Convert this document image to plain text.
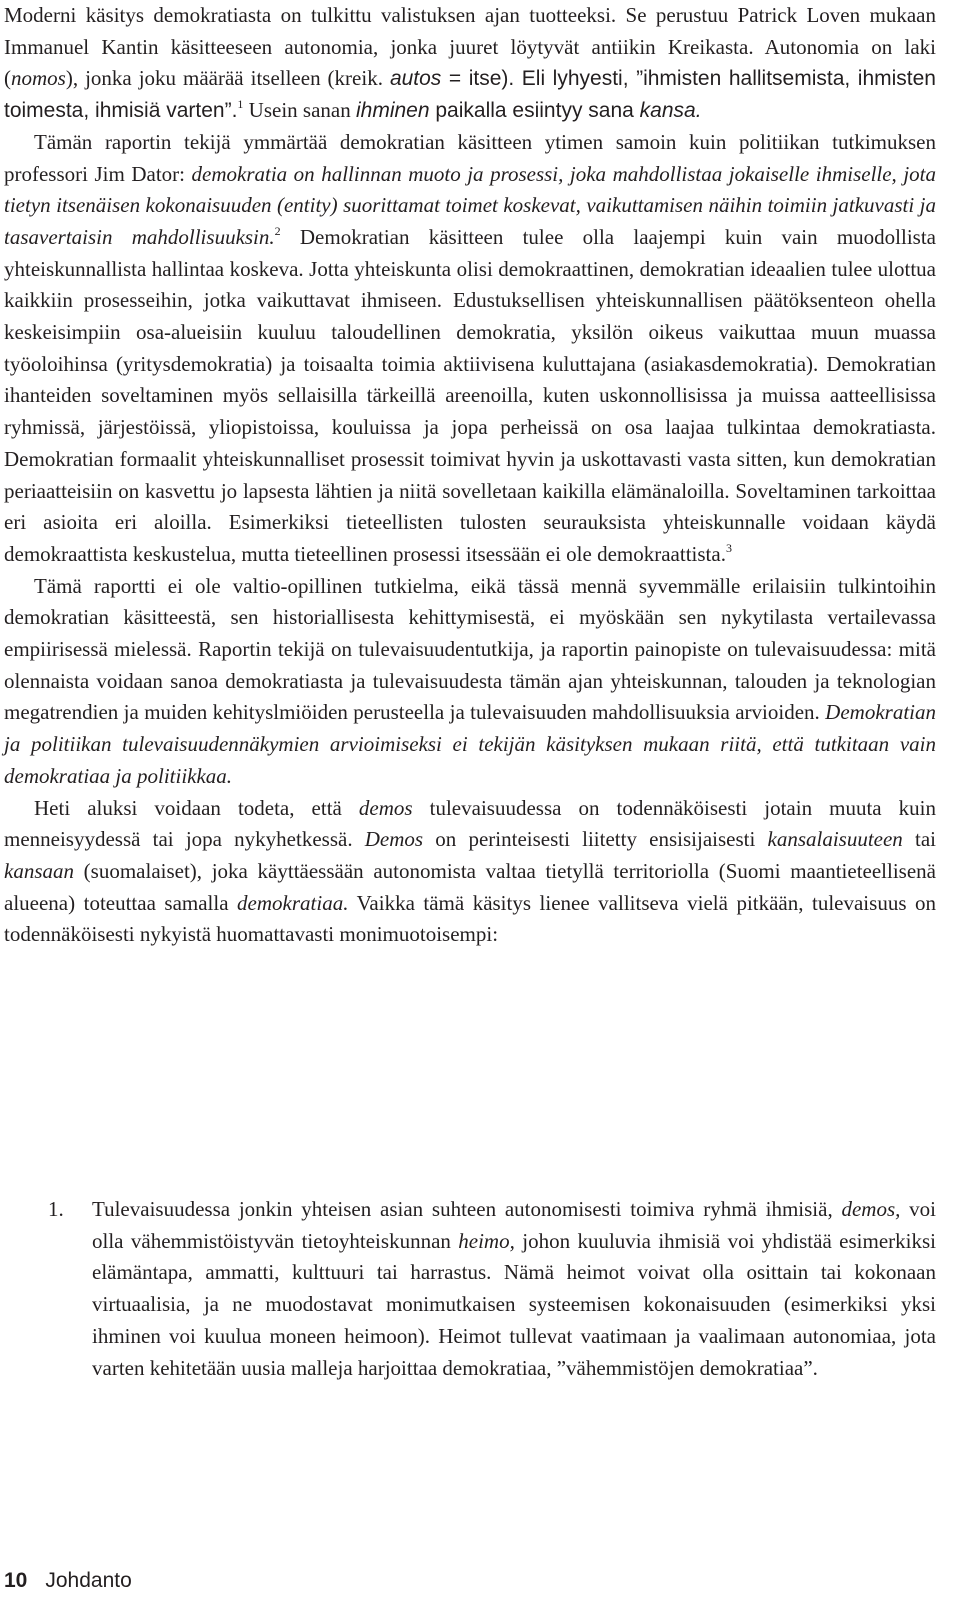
Moderni käsitys demokratiasta on tulkittu valistuksen ajan tuotteeksi. Se perustuu Patrick Loven mukaan Immanuel Kantin käsitteeseen autonomia, jonka juuret löytyvät antiikin Kreikasta. Autonomia on laki (nomos), jonka joku määrää itselleen (kreik. autos = itse). Eli lyhyesti, ”ihmisten hallitsemista, ihmisten toimesta, ihmisiä varten”.$^1$ Usein sanan ihminen paikalla esiintyy sana kansa.

Tämän raportin tekijä ymmärtää demokratian käsitteen ytimen samoin kuin politiikan tutkimuksen professori Jim Dator: demokratia on hallinnan muoto ja prosessi, joka mahdollistaa jokaiselle ihmiselle, jota tietyn itsenäisen kokonaisuuden (entity) suorittamat toimet koskevat, vaikuttamisen näihin toimiin jatkuvasti ja tasavertaisin mahdollisuuksin.$^2$ Demokratian käsitteen tulee olla laajempi kuin vain muodollista yhteiskunnallista hallintaa koskeva. Jotta yhteiskunta olisi demokraattinen, demokratian ideaalien tulee ulottua kaikkiin prosesseihin, jotka vaikuttavat ihmiseen. Edustuksellisen yhteiskunnallisen päätöksenteon ohella keskeisimpiin osa-alueisiin kuuluu taloudellinen demokratia, yksilön oikeus vaikuttaa muun muassa työoloihinsa (yritysdemokratia) ja toisaalta toimia aktiivisena kuluttajana (asiakasdemokratia). Demokratian ihanteiden soveltaminen myös sellaisilla tärkeillä areenoilla, kuten uskonnollisissa ja muissa aatteellisissa ryhmissä, järjestöissä, yliopistoissa, kouluissa ja jopa perheissä on osa laajaa tulkintaa demokratiasta. Demokratian formaalit yhteiskunnalliset prosessit toimivat hyvin ja uskottavasti vasta sitten, kun demokratian periaatteisiin on kasvettu jo lapsesta lähtien ja niitä sovelletaan kaikilla elämänaloilla. Soveltaminen tarkoittaa eri asioita eri aloilla. Esimerkiksi tieteellisten tulosten seurauksista yhteiskunnalle voidaan käydä demokraattista keskustelua, mutta tieteellinen prosessi itsessään ei ole demokraattista.$^3$

Tämä raportti ei ole valtio-opillinen tutkielma, eikä tässä mennä syvemmälle erilaisiin tulkintoihin demokratian käsitteestä, sen historiallisesta kehittymisestä, ei myöskään sen nykytilasta vertailevassa empiirisessä mielessä. Raportin tekijä on tulevaisuudentutkija, ja raportin painopiste on tulevaisuudessa: mitä olennaista voidaan sanoa demokratiasta ja tulevaisuudesta tämän ajan yhteiskunnan, talouden ja teknologian megatrendien ja muiden kehityslmiöiden perusteella ja tulevaisuuden mahdollisuuksia arvioiden. Demokratian ja politiikan tulevaisuudennäkymien arvioimiseksi ei tekijän käsityksen mukaan riitä, että tutkitaan vain demokratiaa ja politiikkaa.

Heti aluksi voidaan todeta, että demos tulevaisuudessa on todennäköisesti jotain muuta kuin menneisyydessä tai jopa nykyhetkessä. Demos on perinteisesti liitetty ensisijaisesti kansalaisuuteen tai kansaan (suomalaiset), joka käyttäessään autonomista valtaa tietyllä territoriolla (Suomi maantieteellisenä alueena) toteuttaa samalla demokratiaa. Vaikka tämä käsitys lienee vallitseva vielä pitkään, tulevaisuus on todennäköisesti nykyistä huomattavasti monimuotoisempi:

1. Tulevaisuudessa jonkin yhteisen asian suhteen autonomisesti toimiva ryhmä ihmisiä, demos, voi olla vähemmistöistyvän tietoyhteiskunnan heimo, johon kuuluvia ihmisiä voi yhdistää esimerkiksi elämäntapa, ammatti, kulttuuri tai harrastus. Nämä heimot voivat olla osittain tai kokonaan virtuaalisia, ja ne muodostavat monimutkaisen systeemisen kokonaisuuden (esimerkiksi yksi ihminen voi kuulua moneen heimoon). Heimot tullevat vaatimaan ja vaalimaan autonomiaa, jota varten kehitetään uusia malleja harjoittaa demokratiaa, ”vähemmistöjen demokratiaa”.

10 Johdanto
